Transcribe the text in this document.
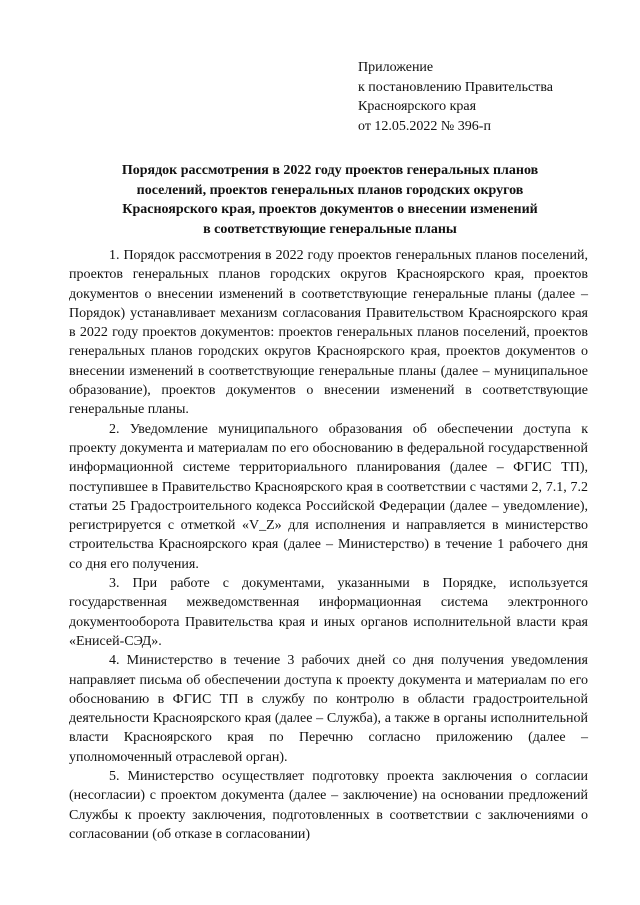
Приложение
к постановлению Правительства
Красноярского края
от 12.05.2022 № 396-п
Порядок рассмотрения в 2022 году проектов генеральных планов
поселений, проектов генеральных планов городских округов
Красноярского края, проектов документов о внесении изменений
в соответствующие генеральные планы

1. Порядок рассмотрения в 2022 году проектов генеральных планов поселений, проектов генеральных планов городских округов Красноярского края, проектов документов о внесении изменений в соответствующие генеральные планы (далее – Порядок) устанавливает механизм согласования Правительством Красноярского края в 2022 году проектов документов: проектов генеральных планов поселений, проектов генеральных планов городских округов Красноярского края, проектов документов о внесении изменений в соответствующие генеральные планы (далее – муниципальное образование), проектов документов о внесении изменений в соответствующие генеральные планы.

2. Уведомление муниципального образования об обеспечении доступа к проекту документа и материалам по его обоснованию в федеральной государственной информационной системе территориального планирования (далее – ФГИС ТП), поступившее в Правительство Красноярского края в соответствии с частями 2, 7.1, 7.2 статьи 25 Градостроительного кодекса Российской Федерации (далее – уведомление), регистрируется с отметкой «V_Z» для исполнения и направляется в министерство строительства Красноярского края (далее – Министерство) в течение 1 рабочего дня со дня его получения.

3. При работе с документами, указанными в Порядке, используется государственная межведомственная информационная система электронного документооборота Правительства края и иных органов исполнительной власти края «Енисей-СЭД».

4. Министерство в течение 3 рабочих дней со дня получения уведомления направляет письма об обеспечении доступа к проекту документа и материалам по его обоснованию в ФГИС ТП в службу по контролю в области градостроительной деятельности Красноярского края (далее – Служба), а также в органы исполнительной власти Красноярского края по Перечню согласно приложению (далее – уполномоченный отраслевой орган).

5. Министерство осуществляет подготовку проекта заключения о согласии (несогласии) с проектом документа (далее – заключение) на основании предложений Службы к проекту заключения, подготовленных в соответствии с заключениями о согласовании (об отказе в согласовании)
